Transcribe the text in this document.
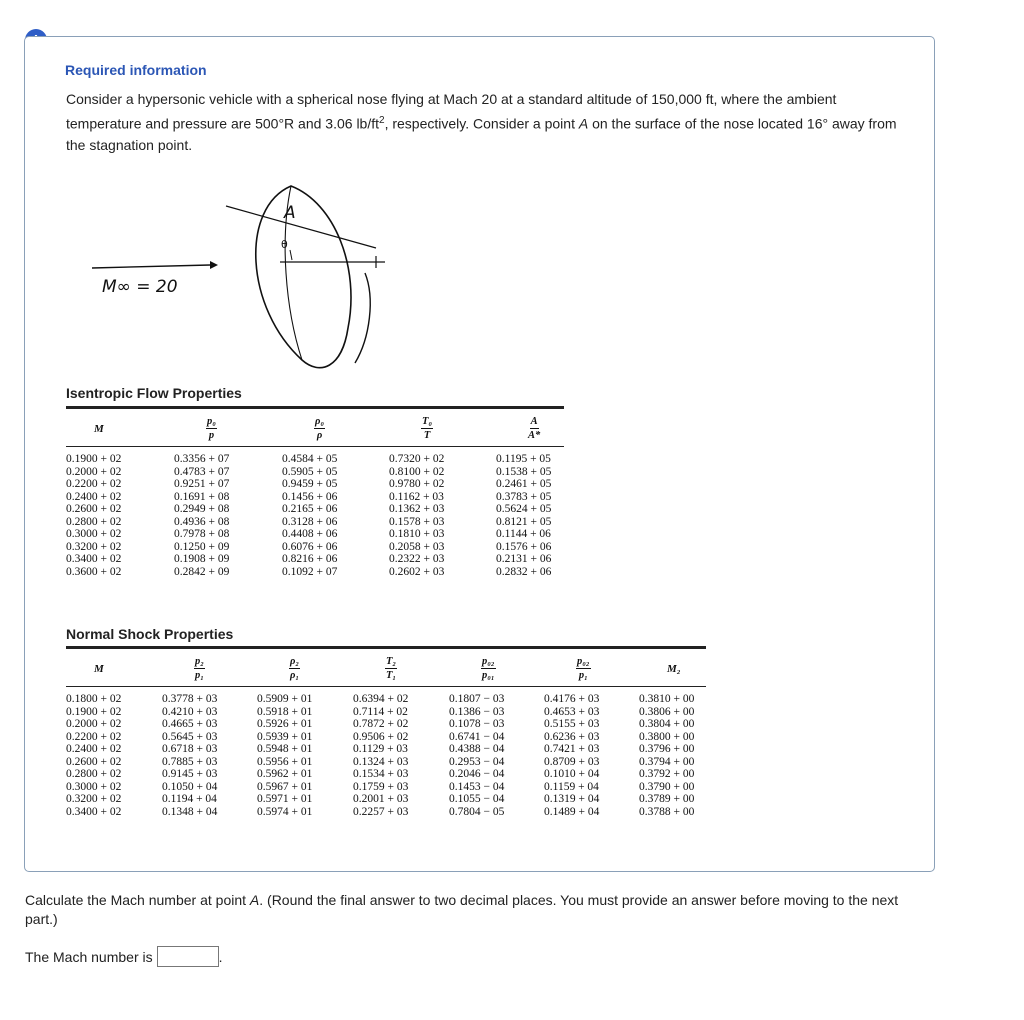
Required information
Consider a hypersonic vehicle with a spherical nose flying at Mach 20 at a standard altitude of 150,000 ft, where the ambient temperature and pressure are 500°R and 3.06 $lb/ft^2$, respectively. Consider a point A on the surface of the nose located 16° away from the stagnation point.
M∞ = 20
A
θ
Isentropic Flow Properties
M	$\frac{\text{p₀}}{p}$	$\frac{\text{ρ₀}}{\rho}$	$\frac{\text{T₀}}{T}$	$\frac{A}{A*}$

0.1900 + 02	0.3356 + 07	0.4584 + 05	0.7320 + 02	0.1195 + 05
0.2000 + 02	0.4783 + 07	0.5905 + 05	0.8100 + 02	0.1538 + 05
0.2200 + 02	0.9251 + 07	0.9459 + 05	0.9780 + 02	0.2461 + 05
0.2400 + 02	0.1691 + 08	0.1456 + 06	0.1162 + 03	0.3783 + 05
0.2600 + 02	0.2949 + 08	0.2165 + 06	0.1362 + 03	0.5624 + 05
0.2800 + 02	0.4936 + 08	0.3128 + 06	0.1578 + 03	0.8121 + 05
0.3000 + 02	0.7978 + 08	0.4408 + 06	0.1810 + 03	0.1144 + 06
0.3200 + 02	0.1250 + 09	0.6076 + 06	0.2058 + 03	0.1576 + 06
0.3400 + 02	0.1908 + 09	0.8216 + 06	0.2322 + 03	0.2131 + 06
0.3600 + 02	0.2842 + 09	0.1092 + 07	0.2602 + 03	0.2832 + 06
Normal Shock Properties
M	$\frac{\text{p₂}}{\text{p₁}}$	$\frac{\text{ρ₂}}{\text{ρ₁}}$	$\frac{\text{T₂}}{\text{T₁}}$	$\frac{\text{p₀₂}}{\text{p₀₁}}$	$\frac{\text{p₀₂}}{\text{p₁}}$	M₂
0.1800 + 02	0.3778 + 03	0.5909 + 01	0.6394 + 02	0.1807 − 03	0.4176 + 03	0.3810 + 00
0.1900 + 02	0.4210 + 03	0.5918 + 01	0.7114 + 02	0.1386 − 03	0.4653 + 03	0.3806 + 00
0.2000 + 02	0.4665 + 03	0.5926 + 01	0.7872 + 02	0.1078 − 03	0.5155 + 03	0.3804 + 00
0.2200 + 02	0.5645 + 03	0.5939 + 01	0.9506 + 02	0.6741 − 04	0.6236 + 03	0.3800 + 00
0.2400 + 02	0.6718 + 03	0.5948 + 01	0.1129 + 03	0.4388 − 04	0.7421 + 03	0.3796 + 00
0.2600 + 02	0.7885 + 03	0.5956 + 01	0.1324 + 03	0.2953 − 04	0.8709 + 03	0.3794 + 00
0.2800 + 02	0.9145 + 03	0.5962 + 01	0.1534 + 03	0.2046 − 04	0.1010 + 04	0.3792 + 00
0.3000 + 02	0.1050 + 04	0.5967 + 01	0.1759 + 03	0.1453 − 04	0.1159 + 04	0.3790 + 00
0.3200 + 02	0.1194 + 04	0.5971 + 01	0.2001 + 03	0.1055 − 04	0.1319 + 04	0.3789 + 00
0.3400 + 02	0.1348 + 04	0.5974 + 01	0.2257 + 03	0.7804 − 05	0.1489 + 04	0.3788 + 00
Calculate the Mach number at point A. (Round the final answer to two decimal places. You must provide an answer before moving to the next part.)
The Mach number is	.
